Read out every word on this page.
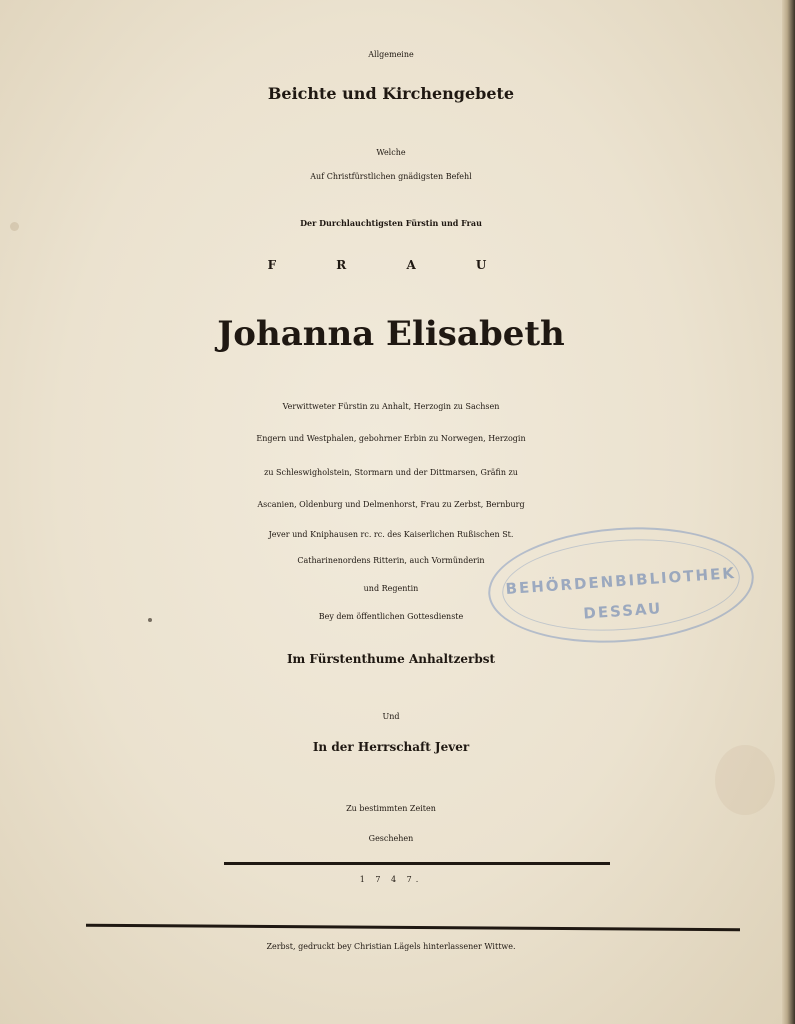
BEHÖRDENBIBLIOTHEK
DESSAU
Allgemeine
Beichte und Kirchengebete
Welche
Auf Christfürstlichen gnädigsten Befehl
Der Durchlauchtigsten Fürstin und Frau
F R A U
Johanna Elisabeth
Verwittweter Fürstin zu Anhalt, Herzogin zu Sachsen
Engern und Westphalen, gebohrner Erbin zu Norwegen, Herzogin
zu Schleswigholstein, Stormarn und der Dittmarsen, Gräfin zu
Ascanien, Oldenburg und Delmenhorst, Frau zu Zerbst, Bernburg
Jever und Kniphausen rc. rc. des Kaiserlichen Rußischen St.
Catharinenordens Ritterin, auch Vormünderin
und Regentin
Bey dem öffentlichen Gottesdienste
Im Fürstenthume Anhaltzerbst
Und
In der Herrschaft Jever
Zu bestimmten Zeiten
Geschehen
1 7 4 7.
Zerbst, gedruckt bey Christian Lägels hinterlassener Wittwe.
